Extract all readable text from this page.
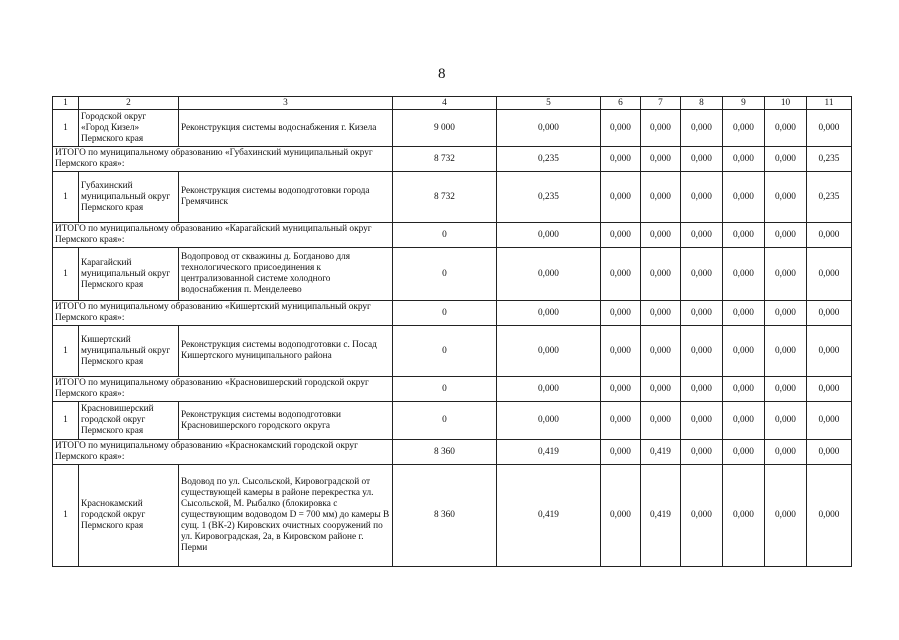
8
1	2	3	4	5	6	7	8	9	10	11
1	Городской округ «Город Кизел» Пермского края	Реконструкция системы водоснабжения г. Кизела	9 000	0,000	0,000	0,000	0,000	0,000	0,000	0,000
ИТОГО по муниципальному образованию «Губахинский муниципальный округ Пермского края»:			8 732	0,235	0,000	0,000	0,000	0,000	0,000	0,235
1	Губахинский муниципальный округ Пермского края	Реконструкция системы водоподготовки города Гремячинск	8 732	0,235	0,000	0,000	0,000	0,000	0,000	0,235
ИТОГО по муниципальному образованию «Карагайский муниципальный округ Пермского края»:			0	0,000	0,000	0,000	0,000	0,000	0,000	0,000
1	Карагайский муниципальный округ Пермского края	Водопровод от скважины д. Богданово для технологического присоединения к централизованной системе холодного водоснабжения п. Менделеево	0	0,000	0,000	0,000	0,000	0,000	0,000	0,000
ИТОГО по муниципальному образованию «Кишертский муниципальный округ Пермского края»:			0	0,000	0,000	0,000	0,000	0,000	0,000	0,000
1	Кишертский муниципальный округ Пермского края	Реконструкция системы водоподготовки с. Посад Кишертского муниципального района	0	0,000	0,000	0,000	0,000	0,000	0,000	0,000
ИТОГО по муниципальному образованию «Красновишерский городской округ Пермского края»:			0	0,000	0,000	0,000	0,000	0,000	0,000	0,000
1	Красновишерский городской округ Пермского края	Реконструкция системы водоподготовки Красновишерского городского округа	0	0,000	0,000	0,000	0,000	0,000	0,000	0,000
ИТОГО по муниципальному образованию «Краснокамский городской округ Пермского края»:			8 360	0,419	0,000	0,419	0,000	0,000	0,000	0,000
1	Краснокамский городской округ Пермского края	Водовод по ул. Сысольской, Кировоградской от существующей камеры в районе перекрестка ул. Сысольской, М. Рыбалко (блокировка с существующим водоводом D = 700 мм) до камеры В сущ. 1 (ВК-2) Кировских очистных сооружений по ул. Кировоградская, 2а, в Кировском районе г. Перми	8 360	0,419	0,000	0,419	0,000	0,000	0,000	0,000
